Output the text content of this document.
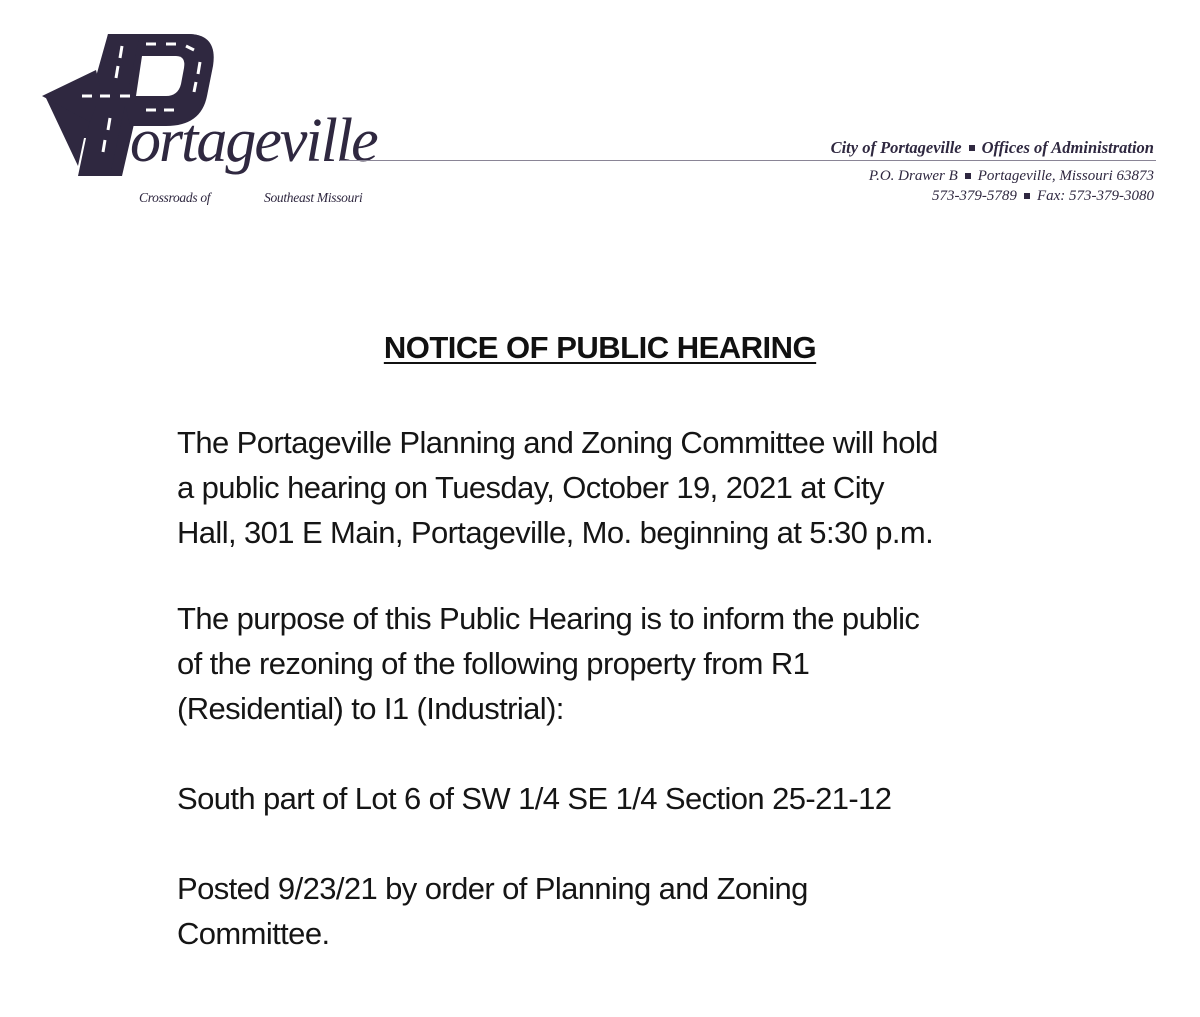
ortageville
Crossroads of	Southeast Missouri
City of Portageville Offices of Administration
P.O. Drawer B Portageville, Missouri 63873
573-379-5789 Fax: 573-379-3080
NOTICE OF PUBLIC HEARING
The Portageville Planning and Zoning Committee will hold
a public hearing on Tuesday, October 19, 2021 at City
Hall, 301 E Main, Portageville, Mo. beginning at 5:30 p.m.
The purpose of this Public Hearing is to inform the public
of the rezoning of the following property from R1
(Residential) to I1 (Industrial):
South part of Lot 6 of SW 1/4 SE 1/4 Section 25-21-12
Posted 9/23/21 by order of Planning and Zoning
Committee.
